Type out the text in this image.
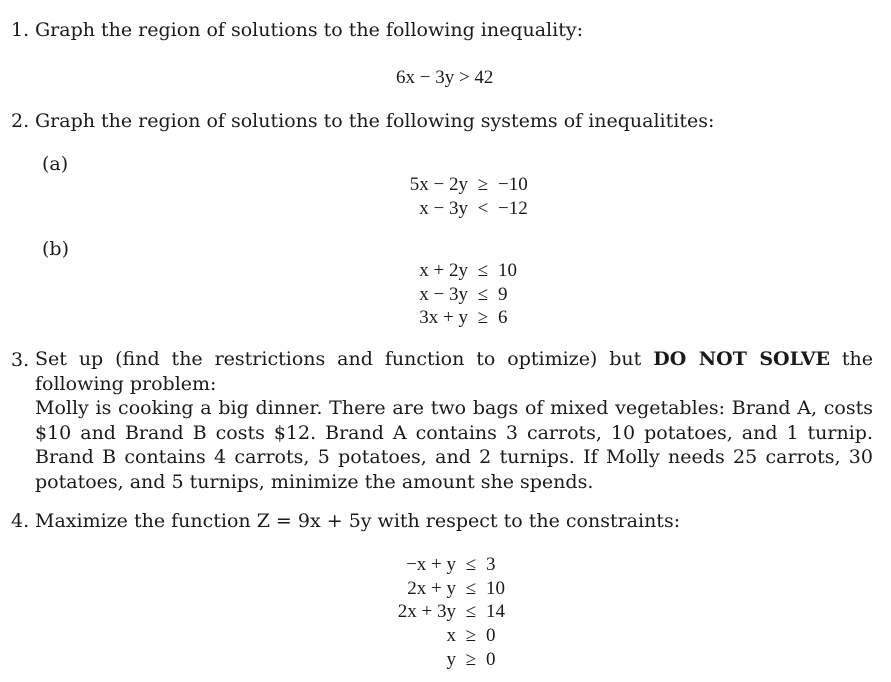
1. Graph the region of solutions to the following inequality:
6x − 3y > 42
2. Graph the region of solutions to the following systems of inequalitites:
(a)
5x − 2y	≥	−10
x − 3y	<	−12
(b)
x + 2y	≤	10
x − 3y	≤	9
3x + y	≥	6
3. Set up (find the restrictions and function to optimize) but DO NOT SOLVE the following problem:
Molly is cooking a big dinner. There are two bags of mixed vegetables: Brand A, costs $10 and Brand B costs $12. Brand A contains 3 carrots, 10 potatoes, and 1 turnip. Brand B contains 4 carrots, 5 potatoes, and 2 turnips. If Molly needs 25 carrots, 30 potatoes, and 5 turnips, minimize the amount she spends.
4. Maximize the function Z = 9x + 5y with respect to the constraints:
−x + y	≤	3
2x + y	≤	10
2x + 3y	≤	14
x	≥	0
y	≥	0
